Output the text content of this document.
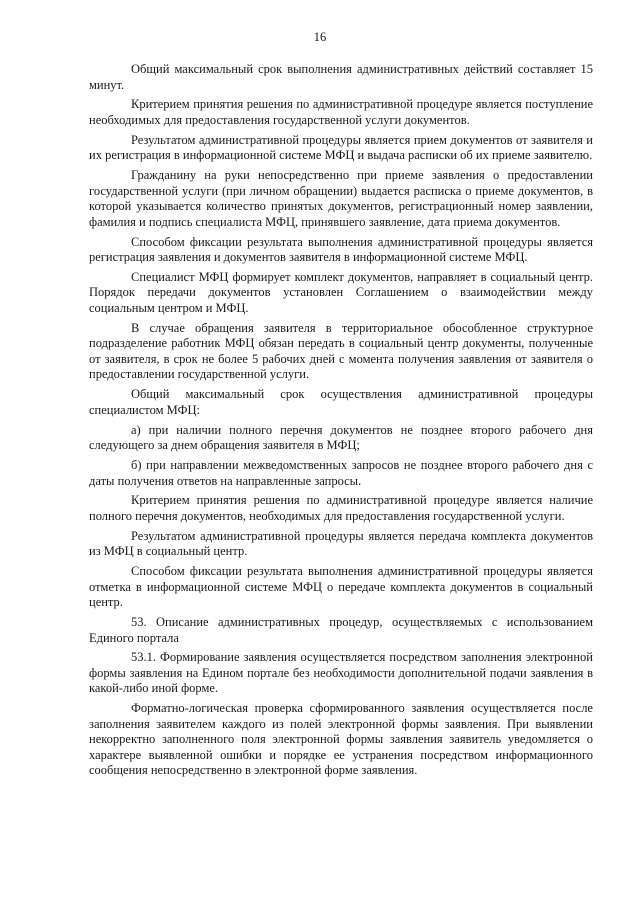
16

Общий максимальный срок выполнения административных действий составляет 15 минут.

Критерием принятия решения по административной процедуре является поступление необходимых для предоставления государственной услуги документов.

Результатом административной процедуры является прием документов от заявителя и их регистрация в информационной системе МФЦ и выдача расписки об их приеме заявителю.

Гражданину на руки непосредственно при приеме заявления о предоставлении государственной услуги (при личном обращении) выдается расписка о приеме документов, в которой указывается количество принятых документов, регистрационный номер заявлении, фамилия и подпись специалиста МФЦ, принявшего заявление, дата приема документов.

Способом фиксации результата выполнения административной процедуры является регистрация заявления и документов заявителя в информационной системе МФЦ.

Специалист МФЦ формирует комплект документов, направляет в социальный центр. Порядок передачи документов установлен Соглашением о взаимодействии между социальным центром и МФЦ.

В случае обращения заявителя в территориальное обособленное структурное подразделение работник МФЦ обязан передать в социальный центр документы, полученные от заявителя, в срок не более 5 рабочих дней с момента получения заявления от заявителя о предоставлении государственной услуги.

Общий максимальный срок осуществления административной процедуры специалистом МФЦ:

а) при наличии полного перечня документов не позднее второго рабочего дня следующего за днем обращения заявителя в МФЦ;

б) при направлении межведомственных запросов не позднее второго рабочего дня с даты получения ответов на направленные запросы.

Критерием принятия решения по административной процедуре является наличие полного перечня документов, необходимых для предоставления государственной услуги.

Результатом административной процедуры является передача комплекта документов из МФЦ в социальный центр.

Способом фиксации результата выполнения административной процедуры является отметка в информационной системе МФЦ о передаче комплекта документов в социальный центр.

53. Описание административных процедур, осуществляемых с использованием Единого портала

53.1. Формирование заявления осуществляется посредством заполнения электронной формы заявления на Едином портале без необходимости дополнительной подачи заявления в какой-либо иной форме.

Форматно-логическая проверка сформированного заявления осуществляется после заполнения заявителем каждого из полей электронной формы заявления. При выявлении некорректно заполненного поля электронной формы заявления заявитель уведомляется о характере выявленной ошибки и порядке ее устранения посредством информационного сообщения непосредственно в электронной форме заявления.
